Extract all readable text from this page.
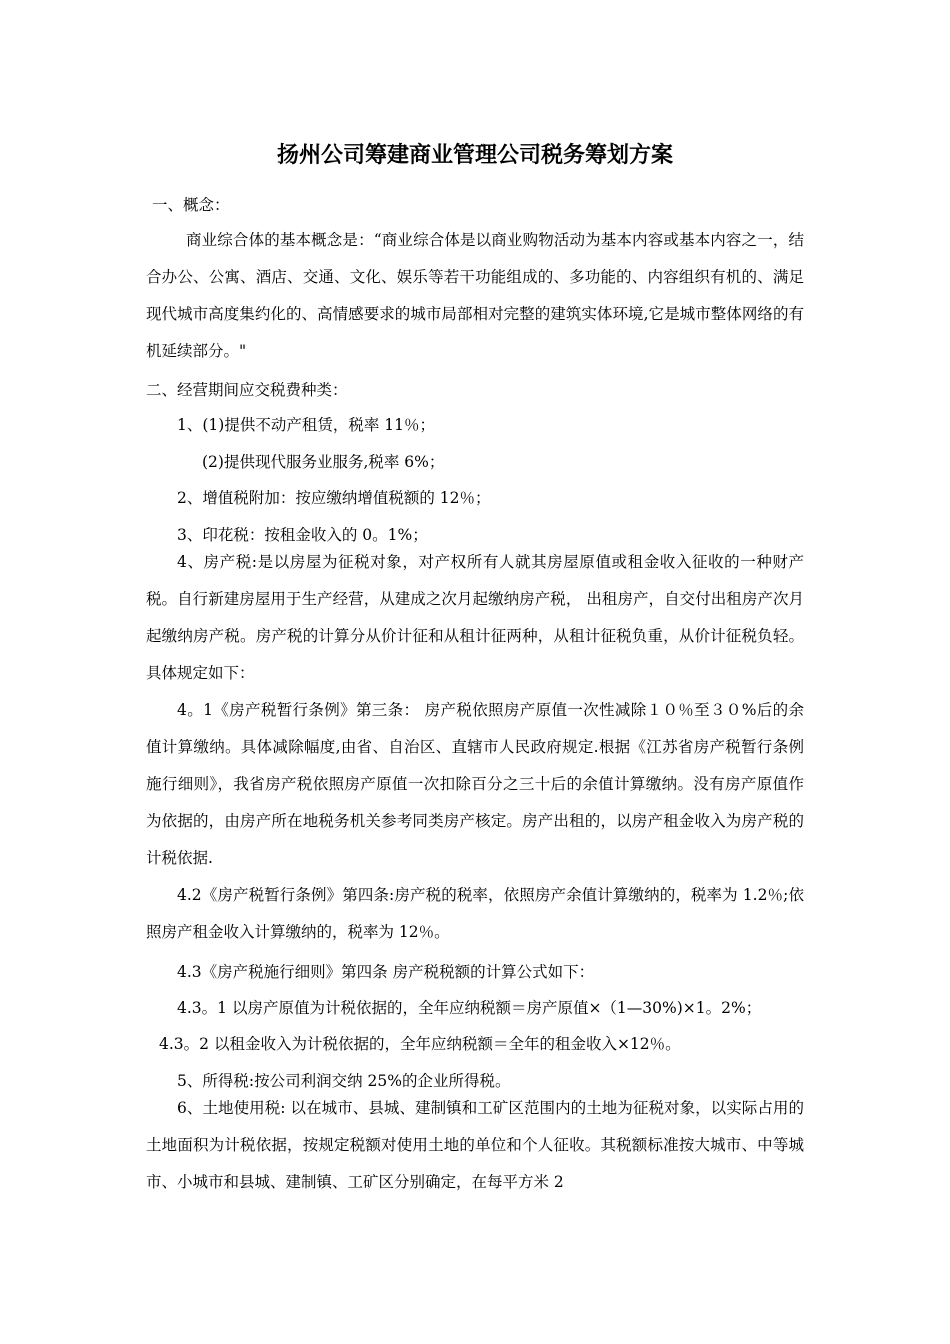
扬州公司筹建商业管理公司税务筹划方案

一、概念：

商业综合体的基本概念是：“商业综合体是以商业购物活动为基本内容或基本内容之一，结合办公、公寓、酒店、交通、文化、娱乐等若干功能组成的、多功能的、内容组织有机的、满足现代城市高度集约化的、高情感要求的城市局部相对完整的建筑实体环境,它是城市整体网络的有机延续部分。"

二、经营期间应交税费种类：

1、(1)提供不动产租赁，税率 11％；

(2)提供现代服务业服务,税率 6%；

2、增值税附加：按应缴纳增值税额的 12％；

3、印花税：按租金收入的 0。1%；

4、房产税:是以房屋为征税对象，对产权所有人就其房屋原值或租金收入征收的一种财产税。自行新建房屋用于生产经营，从建成之次月起缴纳房产税， 出租房产，自交付出租房产次月起缴纳房产税。房产税的计算分从价计征和从租计征两种，从租计征税负重，从价计征税负轻。具体规定如下：

4。1《房产税暂行条例》第三条： 房产税依照房产原值一次性减除１０％至３０%后的余值计算缴纳。具体减除幅度,由省、自治区、直辖市人民政府规定.根据《江苏省房产税暂行条例施行细则》，我省房产税依照房产原值一次扣除百分之三十后的余值计算缴纳。没有房产原值作为依据的，由房产所在地税务机关参考同类房产核定。房产出租的，以房产租金收入为房产税的计税依据.

4.2《房产税暂行条例》第四条:房产税的税率，依照房产余值计算缴纳的，税率为 1.2％;依照房产租金收入计算缴纳的，税率为 12％。

4.3《房产税施行细则》第四条 房产税税额的计算公式如下：

4.3。1 以房产原值为计税依据的，全年应纳税额＝房产原值×（1—30%)×1。2%；

4.3。2 以租金收入为计税依据的，全年应纳税额＝全年的租金收入×12％。

5、所得税:按公司利润交纳 25%的企业所得税。

6、土地使用税: 以在城市、县城、建制镇和工矿区范围内的土地为征税对象，以实际占用的土地面积为计税依据，按规定税额对使用土地的单位和个人征收。其税额标准按大城市、中等城市、小城市和县城、建制镇、工矿区分别确定，在每平方米 2
